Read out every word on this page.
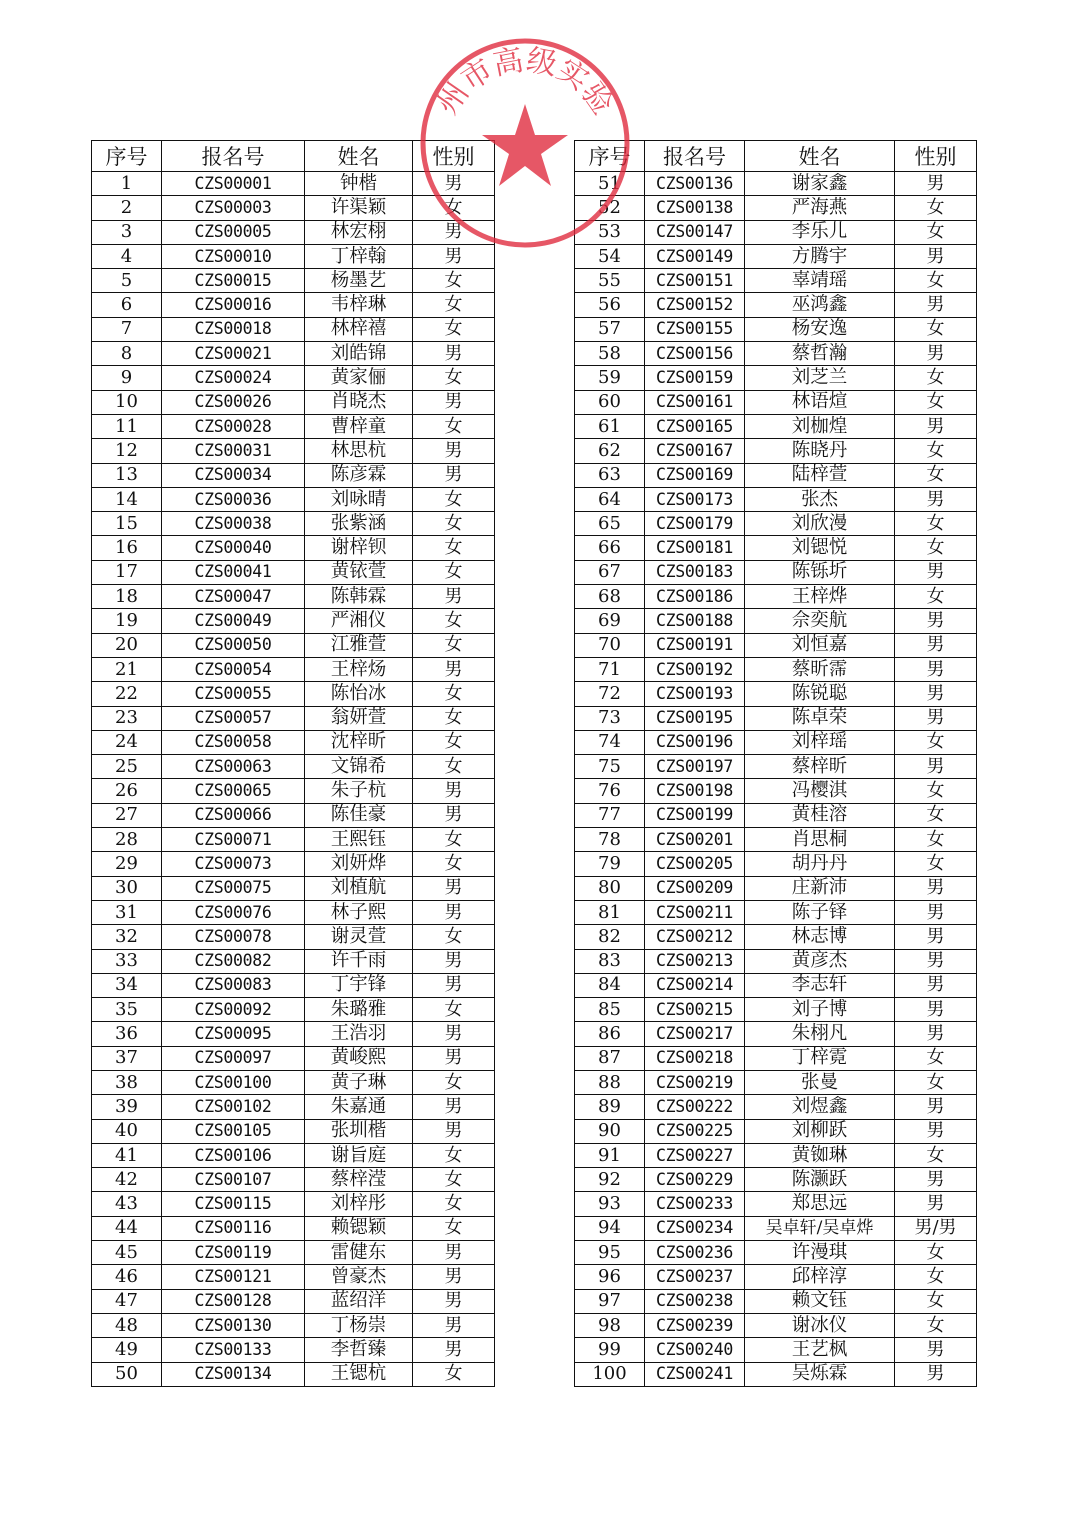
序号	报名号	姓名	性别
1	CZS00001	钟楷	男
2	CZS00003	许渠颖	女
3	CZS00005	林宏栩	男
4	CZS00010	丁梓翰	男
5	CZS00015	杨墨艺	女
6	CZS00016	韦梓琳	女
7	CZS00018	林梓禧	女
8	CZS00021	刘皓锦	男
9	CZS00024	黄家俪	女
10	CZS00026	肖晓杰	男
11	CZS00028	曹梓童	女
12	CZS00031	林思杭	男
13	CZS00034	陈彦霖	男
14	CZS00036	刘咏晴	女
15	CZS00038	张紫涵	女
16	CZS00040	谢梓钡	女
17	CZS00041	黄铱萱	女
18	CZS00047	陈韩霖	男
19	CZS00049	严湘仪	女
20	CZS00050	江雅萱	女
21	CZS00054	王梓炀	男
22	CZS00055	陈怡冰	女
23	CZS00057	翁妍萱	女
24	CZS00058	沈梓昕	女
25	CZS00063	文锦希	女
26	CZS00065	朱子杭	男
27	CZS00066	陈佳豪	男
28	CZS00071	王熙钰	女
29	CZS00073	刘妍烨	女
30	CZS00075	刘植航	男
31	CZS00076	林子熙	男
32	CZS00078	谢灵萱	女
33	CZS00082	许千雨	男
34	CZS00083	丁宇锋	男
35	CZS00092	朱璐雅	女
36	CZS00095	王浩羽	男
37	CZS00097	黄峻熙	男
38	CZS00100	黄子琳	女
39	CZS00102	朱嘉通	男
40	CZS00105	张圳楷	男
41	CZS00106	谢旨庭	女
42	CZS00107	蔡梓滢	女
43	CZS00115	刘梓彤	女
44	CZS00116	赖锶颖	女
45	CZS00119	雷健东	男
46	CZS00121	曾豪杰	男
47	CZS00128	蓝绍洋	男
48	CZS00130	丁杨崇	男
49	CZS00133	李哲臻	男
50	CZS00134	王锶杭	女
序号	报名号	姓名	性别
51	CZS00136	谢家鑫	男
52	CZS00138	严海燕	女
53	CZS00147	李乐儿	女
54	CZS00149	方腾宇	男
55	CZS00151	辜靖瑶	女
56	CZS00152	巫鸿鑫	男
57	CZS00155	杨安逸	女
58	CZS00156	蔡哲瀚	男
59	CZS00159	刘芝兰	女
60	CZS00161	林语煊	女
61	CZS00165	刘枷煌	男
62	CZS00167	陈晓丹	女
63	CZS00169	陆梓萱	女
64	CZS00173	张杰	男
65	CZS00179	刘欣漫	女
66	CZS00181	刘锶悦	女
67	CZS00183	陈铄圻	男
68	CZS00186	王梓烨	女
69	CZS00188	佘奕航	男
70	CZS00191	刘恒嘉	男
71	CZS00192	蔡昕霈	男
72	CZS00193	陈锐聪	男
73	CZS00195	陈卓荣	男
74	CZS00196	刘梓瑶	女
75	CZS00197	蔡梓昕	男
76	CZS00198	冯樱淇	女
77	CZS00199	黄桂溶	女
78	CZS00201	肖思桐	女
79	CZS00205	胡丹丹	女
80	CZS00209	庄新沛	男
81	CZS00211	陈子铎	男
82	CZS00212	林志博	男
83	CZS00213	黄彦杰	男
84	CZS00214	李志轩	男
85	CZS00215	刘子博	男
86	CZS00217	朱栩凡	男
87	CZS00218	丁梓霓	女
88	CZS00219	张曼	女
89	CZS00222	刘煜鑫	男
90	CZS00225	刘柳跃	男
91	CZS00227	黄铷琳	女
92	CZS00229	陈灏跃	男
93	CZS00233	郑思远	男
94	CZS00234	吴卓轩/吴卓烨	男/男
95	CZS00236	许漫琪	女
96	CZS00237	邱梓淳	女
97	CZS00238	赖文钰	女
98	CZS00239	谢冰仪	女
99	CZS00240	王艺枫	男
100	CZS00241	吴烁霖	男
州市高级实验
